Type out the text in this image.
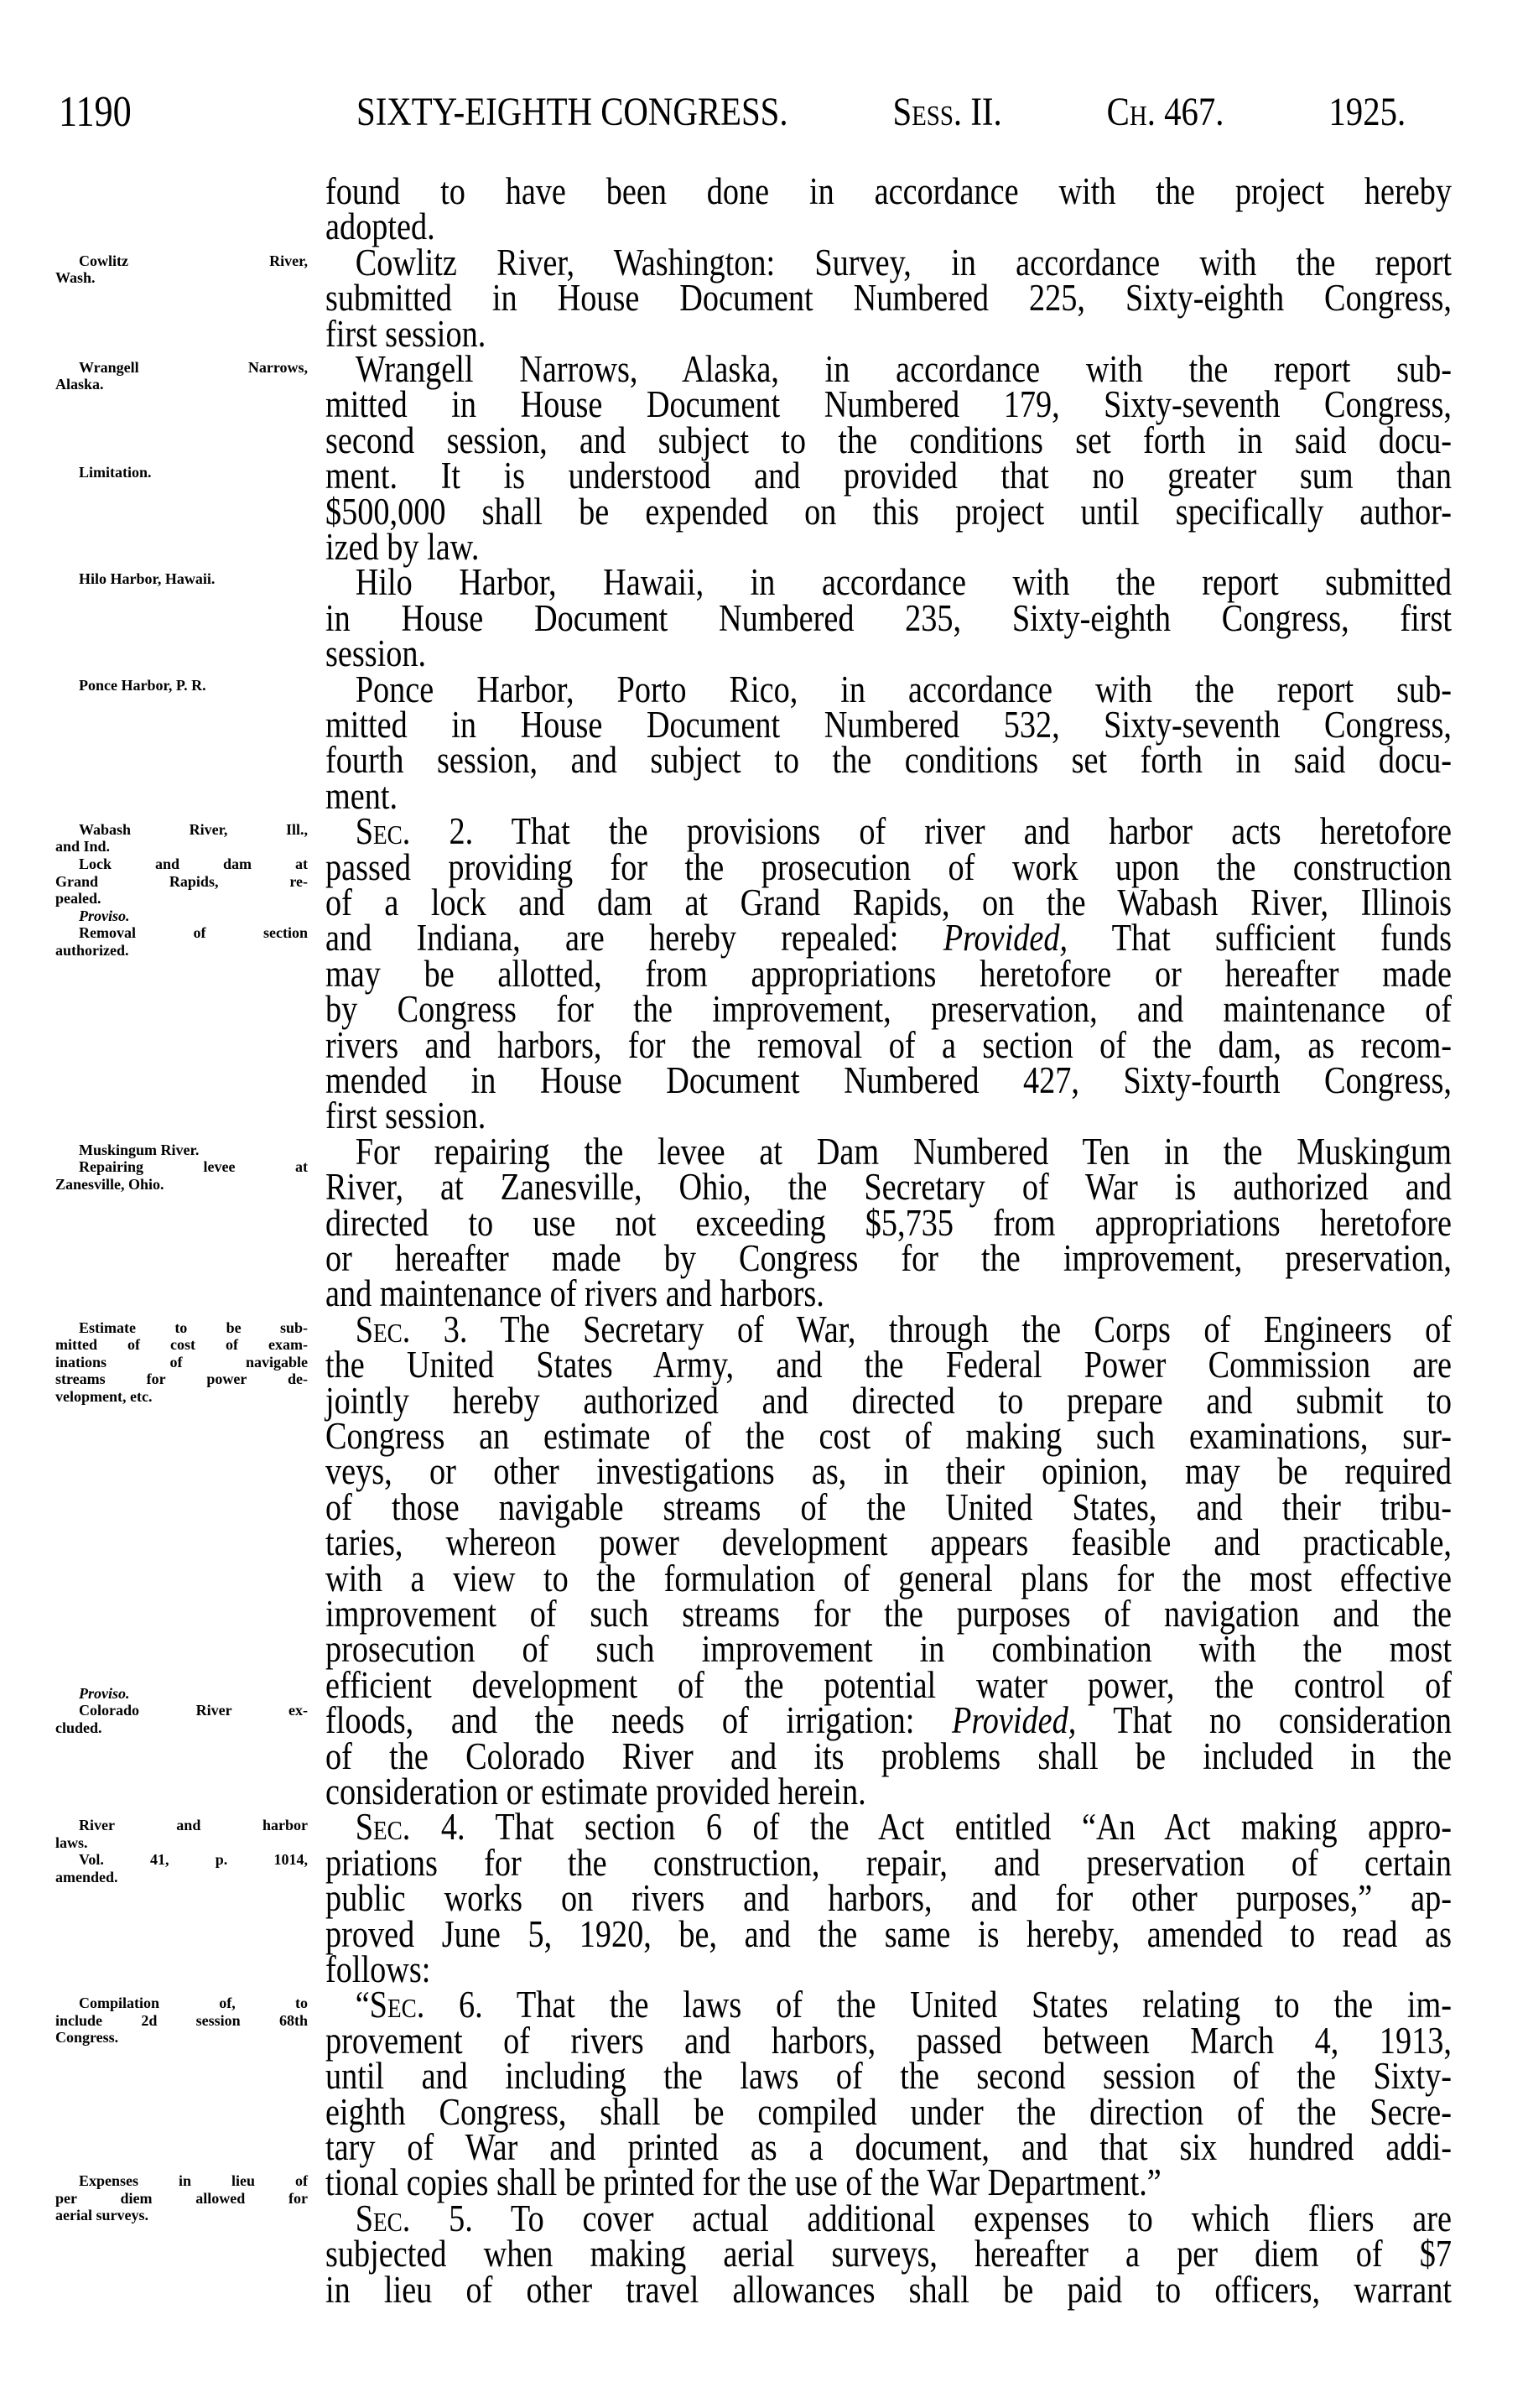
1190	SIXTY-EIGHTH CONGRESS.	Sess. II.	Ch. 467.	1925.
found to have been done in accordance with the project hereby
adopted.
Cowlitz River, Washington: Survey, in accordance with the report
submitted in House Document Numbered 225, Sixty-eighth Congress,
first session.
Wrangell Narrows, Alaska, in accordance with the report sub-
mitted in House Document Numbered 179, Sixty-seventh Congress,
second session, and subject to the conditions set forth in said docu-
ment. It is understood and provided that no greater sum than
$500,000 shall be expended on this project until specifically author-
ized by law.
Hilo Harbor, Hawaii, in accordance with the report submitted
in House Document Numbered 235, Sixty-eighth Congress, first
session.
Ponce Harbor, Porto Rico, in accordance with the report sub-
mitted in House Document Numbered 532, Sixty-seventh Congress,
fourth session, and subject to the conditions set forth in said docu-
ment.
Sec. 2. That the provisions of river and harbor acts heretofore
passed providing for the prosecution of work upon the construction
of a lock and dam at Grand Rapids, on the Wabash River, Illinois
and Indiana, are hereby repealed: Provided, That sufficient funds
may be allotted, from appropriations heretofore or hereafter made
by Congress for the improvement, preservation, and maintenance of
rivers and harbors, for the removal of a section of the dam, as recom-
mended in House Document Numbered 427, Sixty-fourth Congress,
first session.
For repairing the levee at Dam Numbered Ten in the Muskingum
River, at Zanesville, Ohio, the Secretary of War is authorized and
directed to use not exceeding $5,735 from appropriations heretofore
or hereafter made by Congress for the improvement, preservation,
and maintenance of rivers and harbors.
Sec. 3. The Secretary of War, through the Corps of Engineers of
the United States Army, and the Federal Power Commission are
jointly hereby authorized and directed to prepare and submit to
Congress an estimate of the cost of making such examinations, sur-
veys, or other investigations as, in their opinion, may be required
of those navigable streams of the United States, and their tribu-
taries, whereon power development appears feasible and practicable,
with a view to the formulation of general plans for the most effective
improvement of such streams for the purposes of navigation and the
prosecution of such improvement in combination with the most
efficient development of the potential water power, the control of
floods, and the needs of irrigation: Provided, That no consideration
of the Colorado River and its problems shall be included in the
consideration or estimate provided herein.
Sec. 4. That section 6 of the Act entitled “An Act making appro-
priations for the construction, repair, and preservation of certain
public works on rivers and harbors, and for other purposes,” ap-
proved June 5, 1920, be, and the same is hereby, amended to read as
follows:
“Sec. 6. That the laws of the United States relating to the im-
provement of rivers and harbors, passed between March 4, 1913,
until and including the laws of the second session of the Sixty-
eighth Congress, shall be compiled under the direction of the Secre-
tary of War and printed as a document, and that six hundred addi-
tional copies shall be printed for the use of the War Department.”
Sec. 5. To cover actual additional expenses to which fliers are
subjected when making aerial surveys, hereafter a per diem of $7
in lieu of other travel allowances shall be paid to officers, warrant
Cowlitz River,
Wash.
Wrangell Narrows,
Alaska.
Limitation.
Hilo Harbor, Hawaii.
Ponce Harbor, P. R.
Wabash River, Ill.,
and Ind.
Lock and dam at
Grand Rapids, re-
pealed.
Proviso.
Removal of section
authorized.
Muskingum River.
Repairing levee at
Zanesville, Ohio.
Estimate to be sub-
mitted of cost of exam-
inations of navigable
streams for power de-
velopment, etc.
Proviso.
Colorado River ex-
cluded.
River and harbor
laws.
Vol. 41, p. 1014,
amended.
Compilation of, to
include 2d session 68th
Congress.
Expenses in lieu of
per diem allowed for
aerial surveys.
